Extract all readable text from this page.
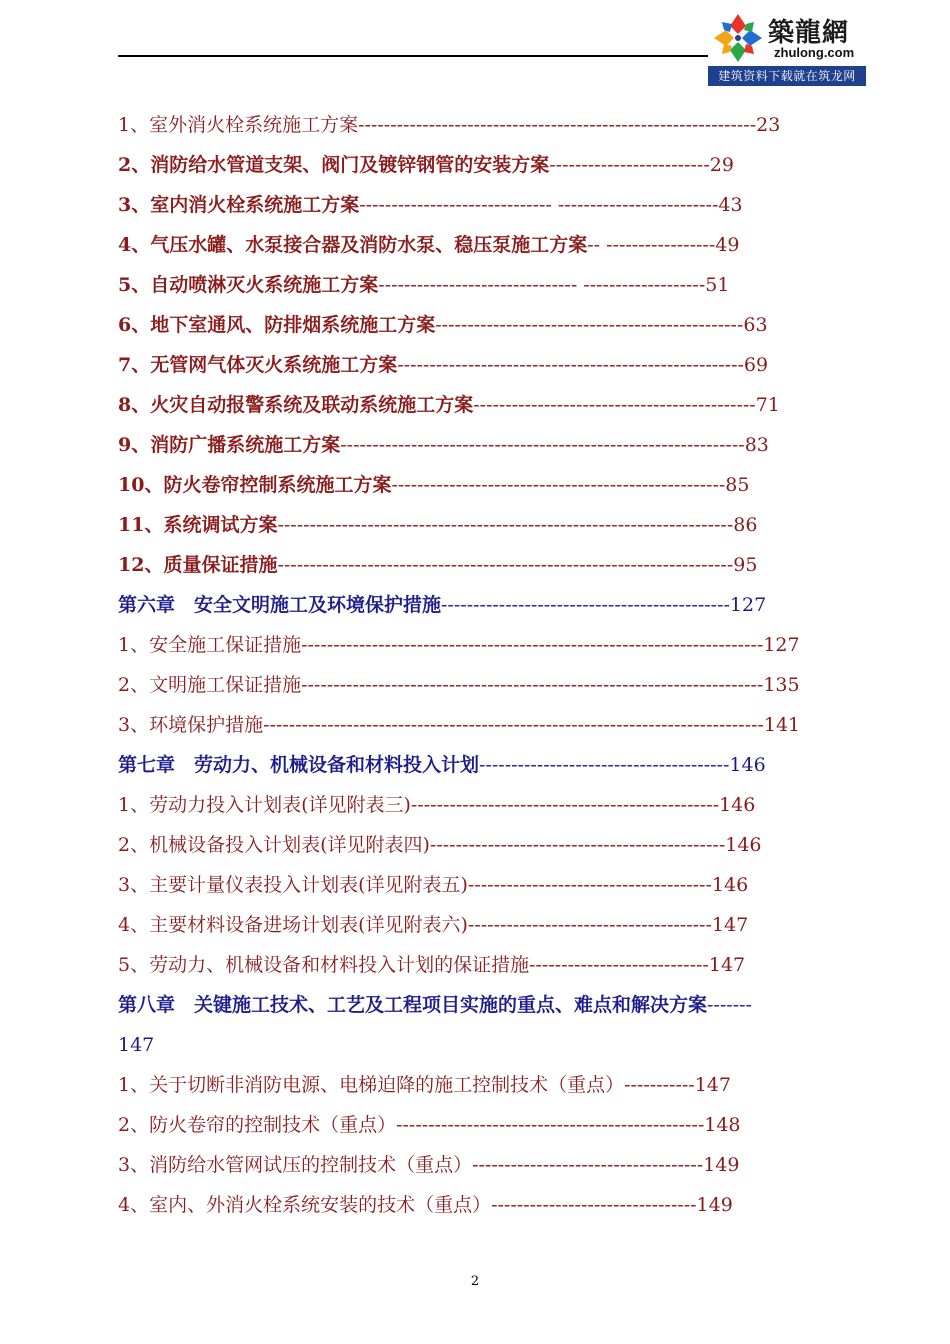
築龍網
zhulong.com
建筑资料下载就在筑龙网
1、室外消火栓系统施工方案--------------------------------------------------------------23
2、消防给水管道支架、阀门及镀锌钢管的安装方案-------------------------29
3、室内消火栓系统施工方案------------------------------ -------------------------43
4、气压水罐、水泵接合器及消防水泵、稳压泵施工方案-- -----------------49
5、自动喷淋灭火系统施工方案------------------------------- -------------------51
6、地下室通风、防排烟系统施工方案------------------------------------------------63
7、无管网气体灭火系统施工方案------------------------------------------------------69
8、火灾自动报警系统及联动系统施工方案--------------------------------------------71
9、消防广播系统施工方案---------------------------------------------------------------83
10、防火卷帘控制系统施工方案----------------------------------------------------85
11、系统调试方案-----------------------------------------------------------------------86
12、质量保证措施-----------------------------------------------------------------------95
第六章　安全文明施工及环境保护措施---------------------------------------------127
1、安全施工保证措施------------------------------------------------------------------------127
2、文明施工保证措施------------------------------------------------------------------------135
3、环境保护措施------------------------------------------------------------------------------141
第七章　劳动力、机械设备和材料投入计划---------------------------------------146
1、劳动力投入计划表(详见附表三)------------------------------------------------146
2、机械设备投入计划表(详见附表四)----------------------------------------------146
3、主要计量仪表投入计划表(详见附表五)--------------------------------------146
4、主要材料设备进场计划表(详见附表六)--------------------------------------147
5、劳动力、机械设备和材料投入计划的保证措施----------------------------147
第八章　关键施工技术、工艺及工程项目实施的重点、难点和解决方案-------
147
1、关于切断非消防电源、电梯迫降的施工控制技术（重点）-----------147
2、防火卷帘的控制技术（重点）------------------------------------------------148
3、消防给水管网试压的控制技术（重点）------------------------------------149
4、室内、外消火栓系统安装的技术（重点）--------------------------------149
2
